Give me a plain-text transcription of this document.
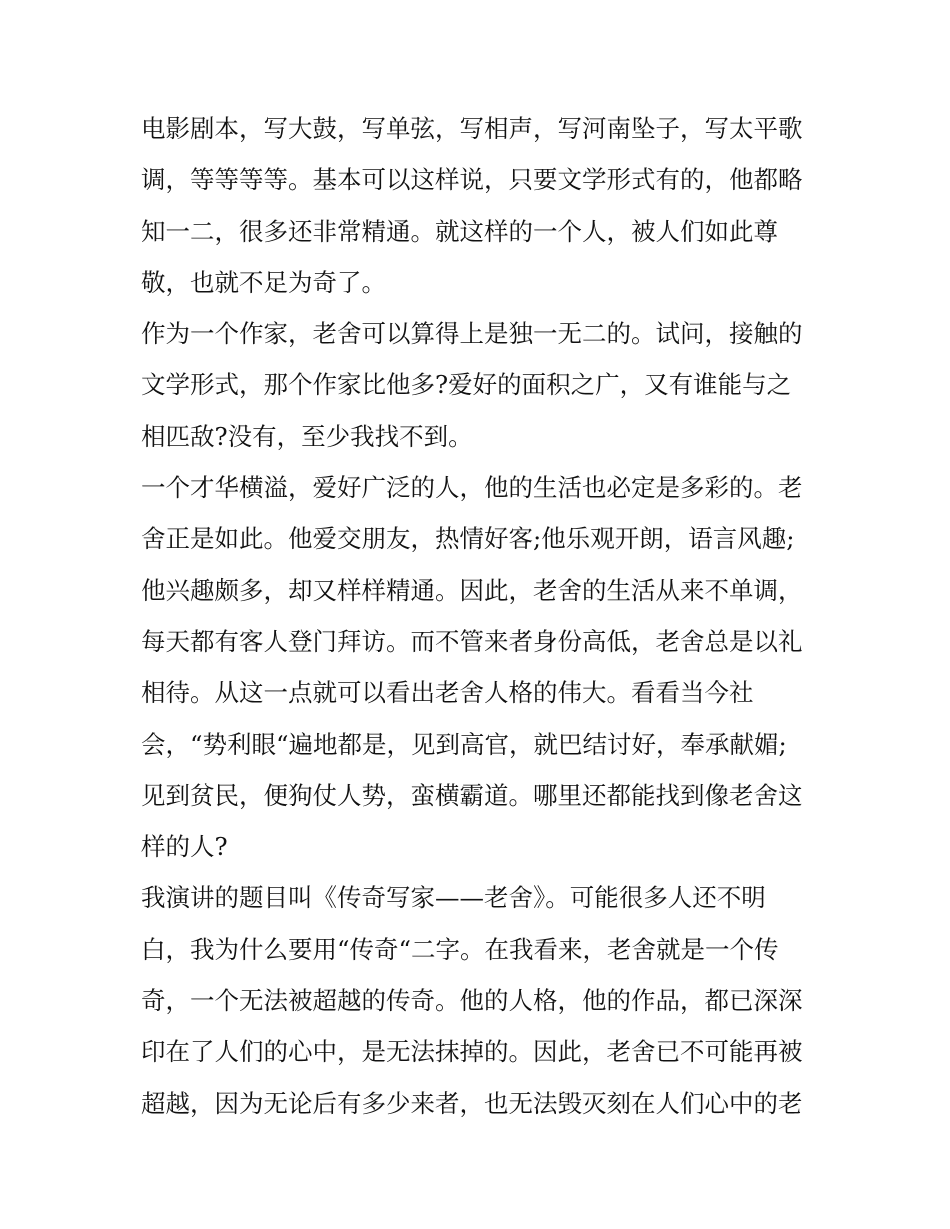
电影剧本，写大鼓，写单弦，写相声，写河南坠子，写太平歌
调，等等等等。基本可以这样说，只要文学形式有的，他都略
知一二，很多还非常精通。就这样的一个人，被人们如此尊
敬，也就不足为奇了。
作为一个作家，老舍可以算得上是独一无二的。试问，接触的
文学形式，那个作家比他多?爱好的面积之广，又有谁能与之
相匹敌?没有，至少我找不到。
一个才华横溢，爱好广泛的人，他的生活也必定是多彩的。老
舍正是如此。他爱交朋友，热情好客;他乐观开朗，语言风趣;
他兴趣颇多，却又样样精通。因此，老舍的生活从来不单调，
每天都有客人登门拜访。而不管来者身份高低，老舍总是以礼
相待。从这一点就可以看出老舍人格的伟大。看看当今社
会，“势利眼“遍地都是，见到高官，就巴结讨好，奉承献媚;
见到贫民，便狗仗人势，蛮横霸道。哪里还都能找到像老舍这
样的人?
我演讲的题目叫《传奇写家——老舍》。可能很多人还不明
白，我为什么要用“传奇“二字。在我看来，老舍就是一个传
奇，一个无法被超越的传奇。他的人格，他的作品，都已深深
印在了人们的心中，是无法抹掉的。因此，老舍已不可能再被
超越，因为无论后有多少来者，也无法毁灭刻在人们心中的老
